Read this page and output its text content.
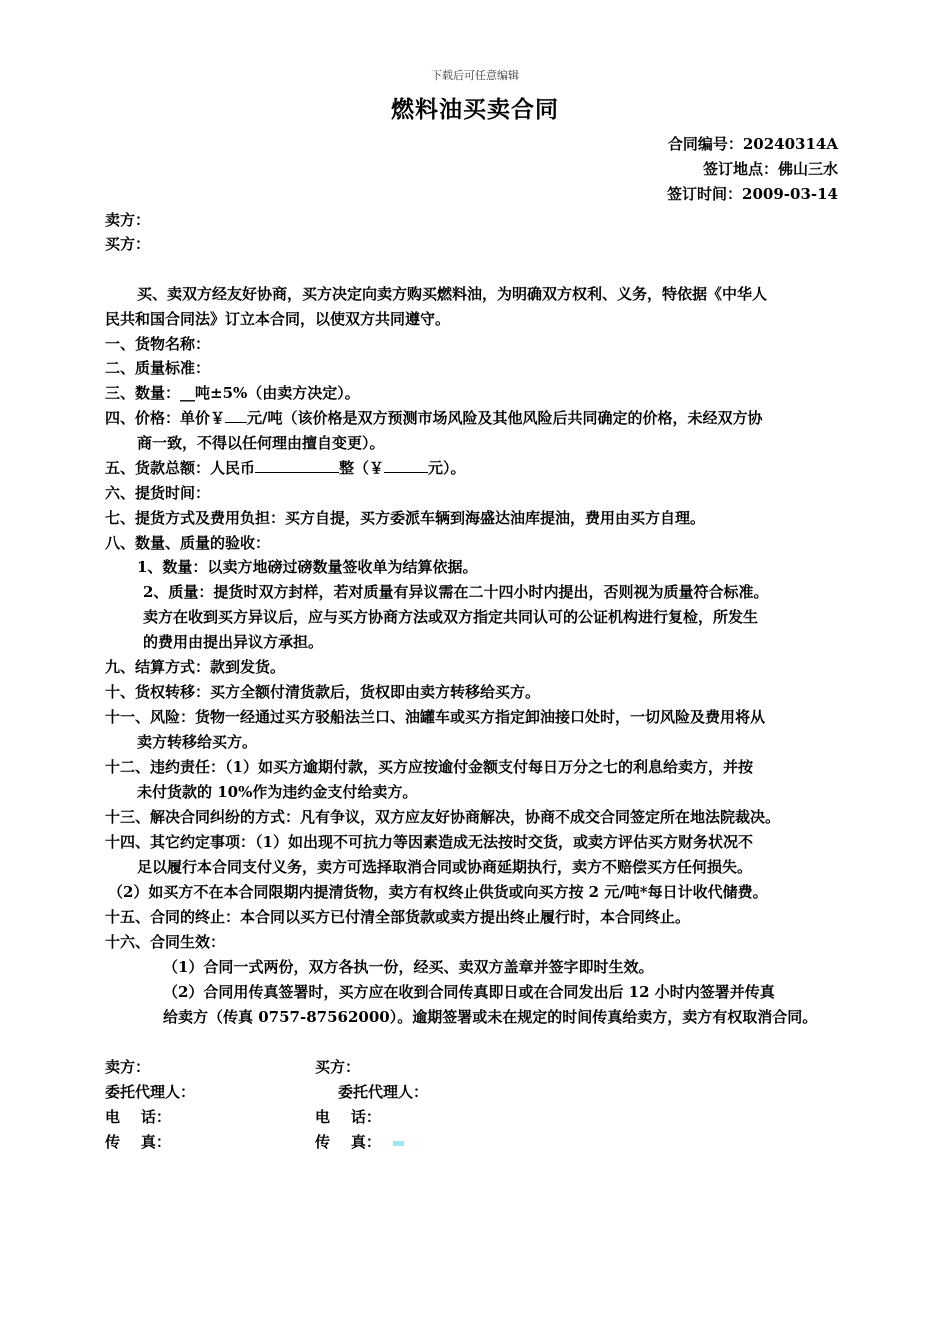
下载后可任意编辑
燃料油买卖合同
合同编号：20240314A
签订地点：佛山三水
签订时间：2009-03-14
卖方：
买方：
买、卖双方经友好协商，买方决定向卖方购买燃料油，为明确双方权利、义务，特依据《中华人
民共和国合同法》订立本合同，以使双方共同遵守。
一、货物名称：
二、质量标准：
三、数量：__吨±5%（由卖方决定）。
四、价格：单价￥ 元/吨（该价格是双方预测市场风险及其他风险后共同确定的价格，未经双方协
商一致，不得以任何理由擅自变更）。
五、货款总额：人民币	整（￥	元）。
六、提货时间：
七、提货方式及费用负担：买方自提，买方委派车辆到海盛达油库提油，费用由买方自理。
八、数量、质量的验收：
1、数量：以卖方地磅过磅数量签收单为结算依据。
2、质量：提货时双方封样，若对质量有异议需在二十四小时内提出，否则视为质量符合标准。
卖方在收到买方异议后，应与买方协商方法或双方指定共同认可的公证机构进行复检，所发生
的费用由提出异议方承担。
九、结算方式：款到发货。
十、货权转移：买方全额付清货款后，货权即由卖方转移给买方。
十一、风险：货物一经通过买方驳船法兰口、油罐车或买方指定卸油接口处时，一切风险及费用将从
卖方转移给买方。
十二、违约责任：（1）如买方逾期付款，买方应按逾付金额支付每日万分之七的利息给卖方，并按
未付货款的 10%作为违约金支付给卖方。
十三、解决合同纠纷的方式：凡有争议，双方应友好协商解决，协商不成交合同签定所在地法院裁决。
十四、其它约定事项：（1）如出现不可抗力等因素造成无法按时交货，或卖方评估买方财务状况不
足以履行本合同支付义务，卖方可选择取消合同或协商延期执行，卖方不赔偿买方任何损失。
（2）如买方不在本合同限期内提清货物，卖方有权终止供货或向买方按 2 元/吨*每日计收代储费。
十五、合同的终止：本合同以买方已付清全部货款或卖方提出终止履行时，本合同终止。
十六、合同生效：
（1）合同一式两份，双方各执一份，经买、卖双方盖章并签字即时生效。
（2）合同用传真签署时，买方应在收到合同传真即日或在合同发出后 12 小时内签署并传真
给卖方（传真 0757-87562000）。逾期签署或未在规定的时间传真给卖方，卖方有权取消合同。
卖方：	买方：
委托代理人：	委托代理人：
电    话：	电    话：
传    真：	传    真：
